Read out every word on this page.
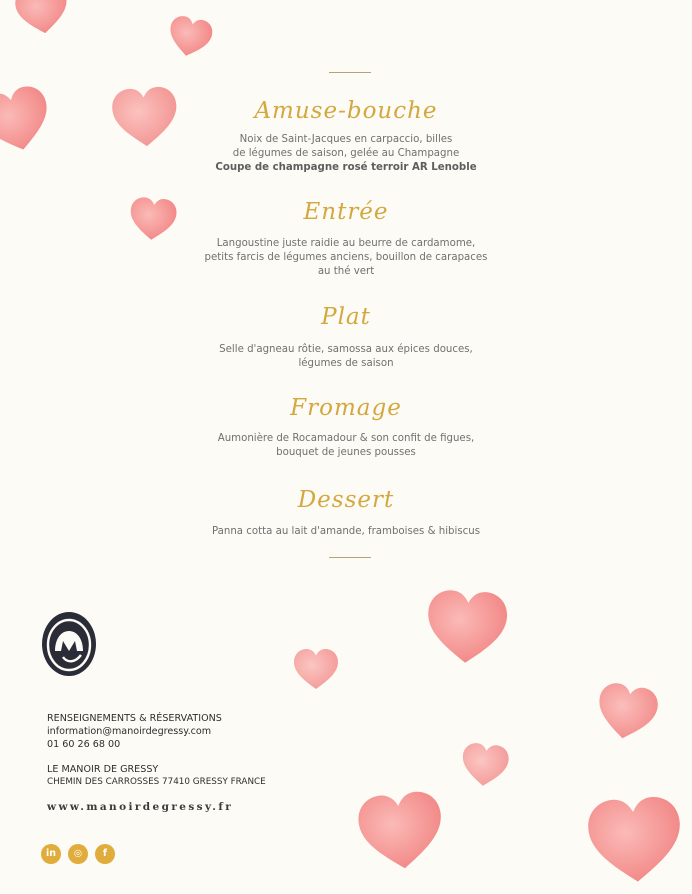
Amuse-bouche
Noix de Saint-Jacques en carpaccio, billes
de légumes de saison, gelée au Champagne
Coupe de champagne rosé terroir AR Lenoble
Entrée
Langoustine juste raidie au beurre de cardamome,
petits farcis de légumes anciens, bouillon de carapaces
au thé vert
Plat
Selle d'agneau rôtie, samossa aux épices douces,
légumes de saison
Fromage
Aumonière de Rocamadour & son confit de figues,
bouquet de jeunes pousses
Dessert
Panna cotta au lait d'amande, framboises & hibiscus
RENSEIGNEMENTS & RÉSERVATIONS
information@manoirdegressy.com
01 60 26 68 00
LE MANOIR DE GRESSY
CHEMIN DES CARROSSES 77410 GRESSY FRANCE
www.manoirdegressy.fr
in	◎	f
